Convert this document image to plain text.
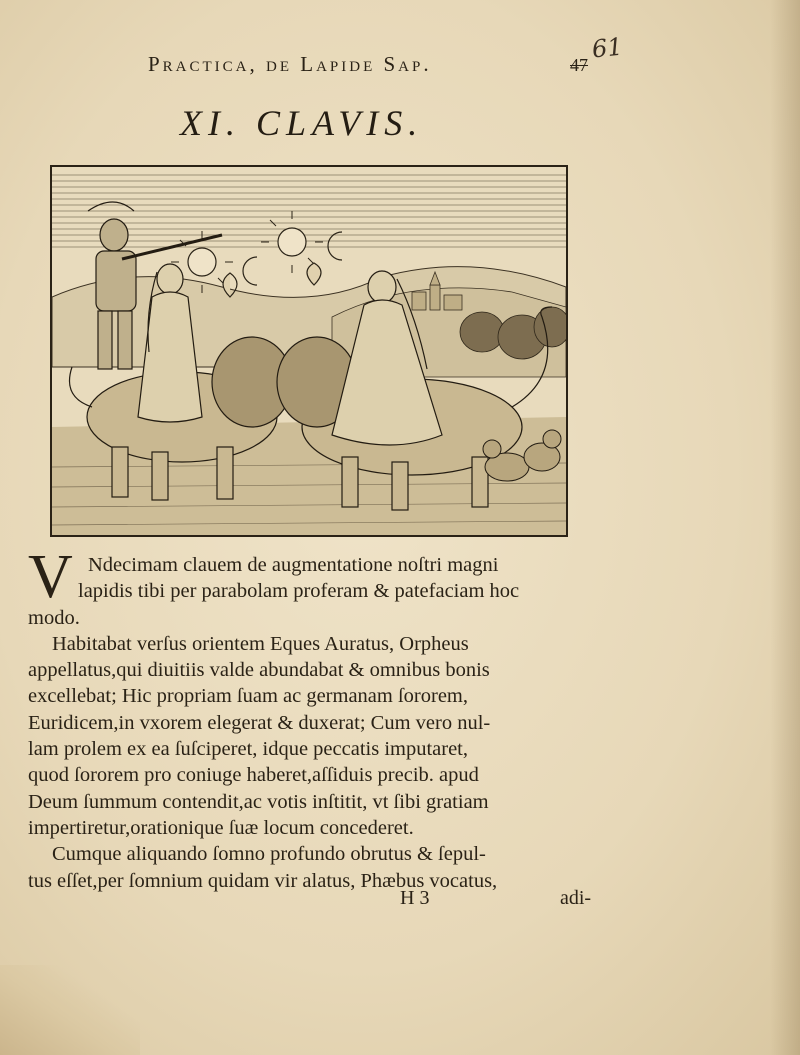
Practica, de Lapide Sap.
61
47
XI. CLAVIS.
V Ndecimam clauem de augmentatione noſtri magni
lapidis tibi per parabolam proferam & patefaciam hoc
modo.

Habitabat verſus orientem Eques Auratus, Orpheus
appellatus,qui diuitiis valde abundabat & omnibus bonis
excellebat; Hic propriam ſuam ac germanam ſororem,
Euridicem,in vxorem elegerat & duxerat; Cum vero nul-
lam prolem ex ea ſuſciperet, idque peccatis imputaret,
quod ſororem pro coniuge haberet,aſſiduis precib. apud
Deum ſummum contendit,ac votis inſtitit, vt ſibi gratiam
impertiretur,orationique ſuæ locum concederet.

Cumque aliquando ſomno profundo obrutus & ſepul-
tus eſſet,per ſomnium quidam vir alatus, Phæbus vocatus,

H 3	adi-
